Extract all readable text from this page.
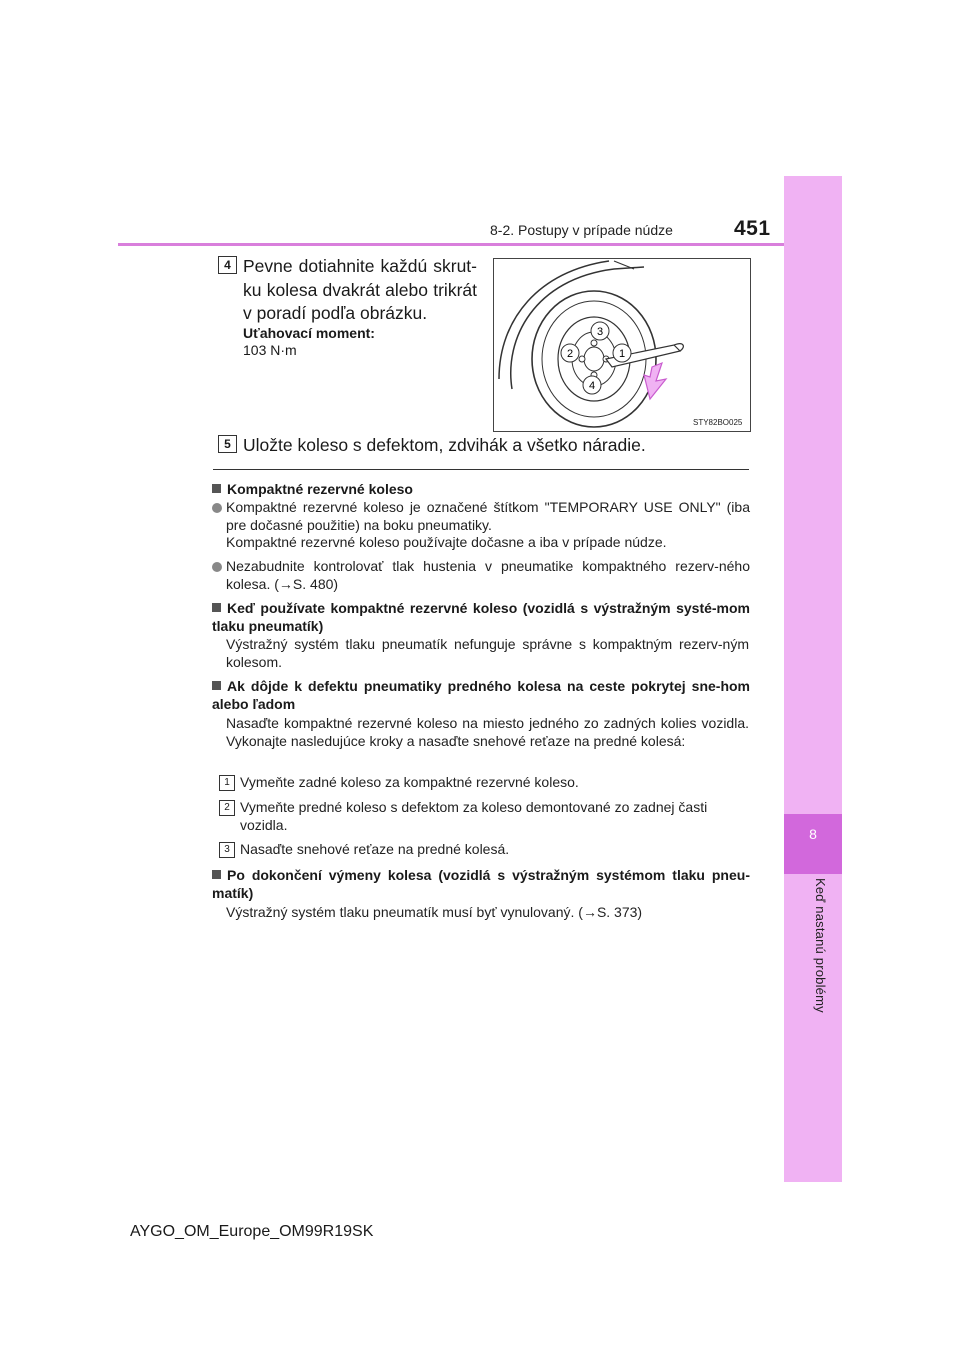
8
Keď nastanú problémy
8-2. Postupy v prípade núdze	451
4 Pevne dotiahnite každú skrut-ku kolesa dvakrát alebo trikrát v poradí podľa obrázku.
Uťahovací moment:
103 N·m
3
2	1
4
STY82BO025
5 Uložte koleso s defektom, zdvihák a všetko náradie.
Kompaktné rezervné koleso
Kompaktné rezervné koleso je označené štítkom "TEMPORARY USE ONLY" (iba pre dočasné použitie) na boku pneumatiky.
Kompaktné rezervné koleso používajte dočasne a iba v prípade núdze.
Nezabudnite kontrolovať tlak hustenia v pneumatike kompaktného rezerv-ného kolesa. (→S. 480)
Keď používate kompaktné rezervné koleso (vozidlá s výstražným systé-mom tlaku pneumatík)
Výstražný systém tlaku pneumatík nefunguje správne s kompaktným rezerv-ným kolesom.
Ak dôjde k defektu pneumatiky predného kolesa na ceste pokrytej sne-hom alebo ľadom
Nasaďte kompaktné rezervné koleso na miesto jedného zo zadných kolies vozidla. Vykonajte nasledujúce kroky a nasaďte snehové reťaze na predné kolesá:
1 Vymeňte zadné koleso za kompaktné rezervné koleso.
2 Vymeňte predné koleso s defektom za koleso demontované zo zadnej časti vozidla.
3 Nasaďte snehové reťaze na predné kolesá.
Po dokončení výmeny kolesa (vozidlá s výstražným systémom tlaku pneu-matík)
Výstražný systém tlaku pneumatík musí byť vynulovaný. (→S. 373)
AYGO_OM_Europe_OM99R19SK
